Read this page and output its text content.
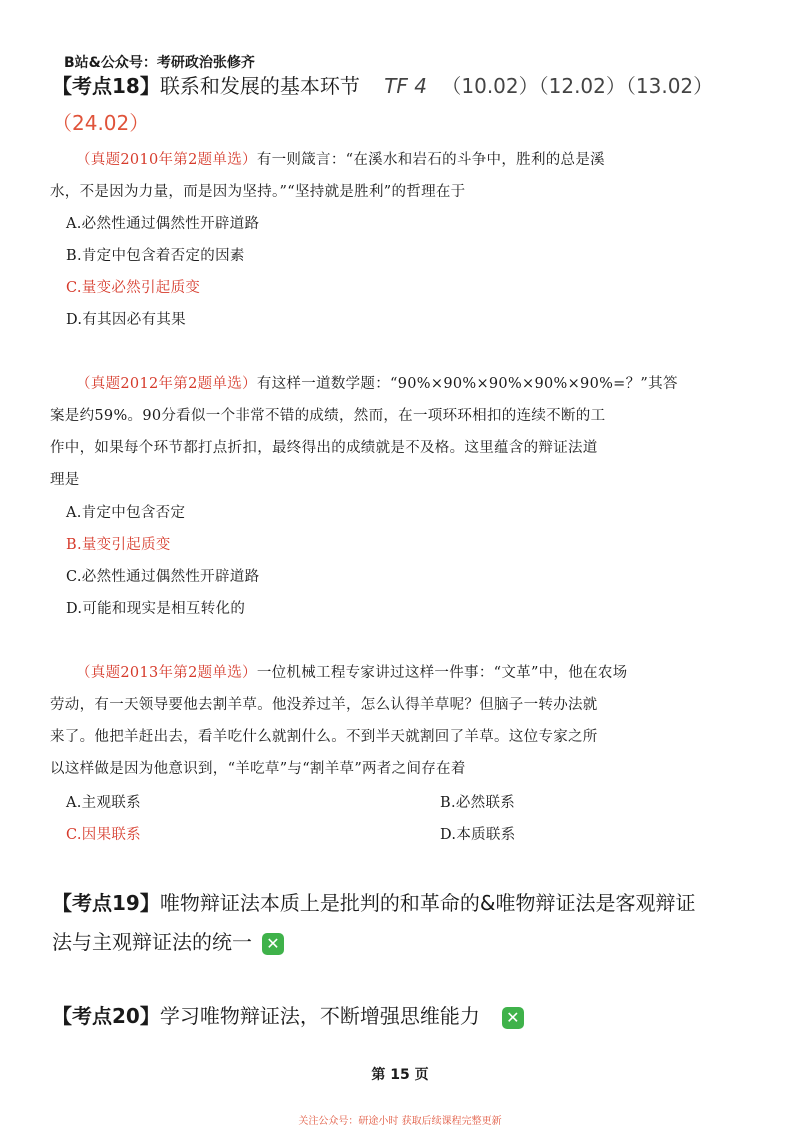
B站&公众号：考研政治张修齐
【考点18】联系和发展的基本环节 TF 4 （10.02）（12.02）（13.02）
（24.02）
（真题2010年第2题单选）有一则箴言：“在溪水和岩石的斗争中，胜利的总是溪
水，不是因为力量，而是因为坚持。”“坚持就是胜利”的哲理在于
A.必然性通过偶然性开辟道路
B.肯定中包含着否定的因素
C.量变必然引起质变
D.有其因必有其果
（真题2012年第2题单选）有这样一道数学题：“90%×90%×90%×90%×90%=？”其答
案是约59%。90分看似一个非常不错的成绩，然而，在一项环环相扣的连续不断的工
作中，如果每个环节都打点折扣，最终得出的成绩就是不及格。这里蕴含的辩证法道
理是
A.肯定中包含否定
B.量变引起质变
C.必然性通过偶然性开辟道路
D.可能和现实是相互转化的
（真题2013年第2题单选）一位机械工程专家讲过这样一件事：“文革”中，他在农场
劳动，有一天领导要他去割羊草。他没养过羊，怎么认得羊草呢？但脑子一转办法就
来了。他把羊赶出去，看羊吃什么就割什么。不到半天就割回了羊草。这位专家之所
以这样做是因为他意识到，“羊吃草”与“割羊草”两者之间存在着
A.主观联系	B.必然联系
C.因果联系	D.本质联系
【考点19】唯物辩证法本质上是批判的和革命的&唯物辩证法是客观辩证
法与主观辩证法的统一 ✕
【考点20】学习唯物辩证法，不断增强思维能力 ✕
第 15 页
关注公众号：研途小时 获取后续课程完整更新
